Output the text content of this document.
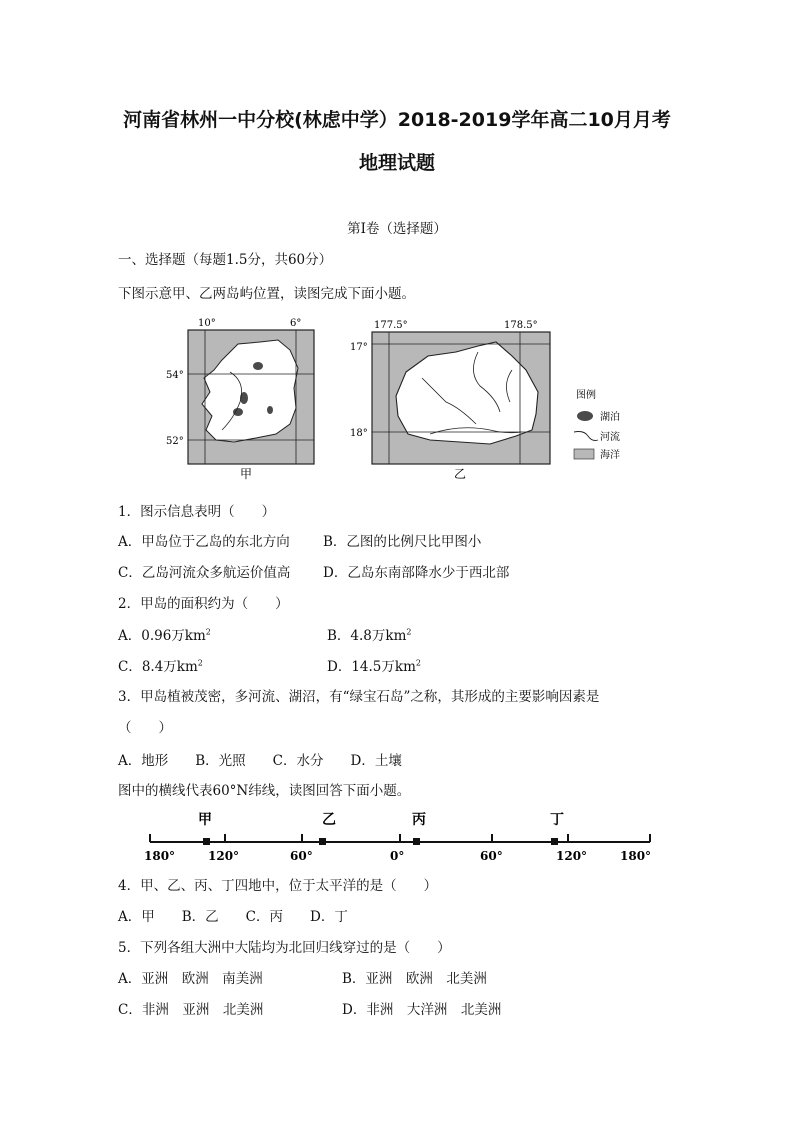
河南省林州一中分校(林虑中学）2018-2019学年高二10月月考
地理试题
第Ⅰ卷（选择题）
一、选择题（每题1.5分，共60分）
下图示意甲、乙两岛屿位置，读图完成下面小题。
10°	6°
54°
52°
甲
177.5°	178.5°
17°
18°
乙
图例
湖泊
河流
海洋
1．图示信息表明（　　）
A．甲岛位于乙岛的东北方向 B．乙图的比例尺比甲图小
C．乙岛河流众多航运价值高 D．乙岛东南部降水少于西北部
2．甲岛的面积约为（　　）
A．0.96万$km^2$	B．4.8万$km^2$
C．8.4万$km^2$	D．14.5万$km^2$
3．甲岛植被茂密，多河流、湖沼，有“绿宝石岛”之称，其形成的主要影响因素是
（　　）
A．地形　　B．光照　　C．水分　　D．土壤
图中的横线代表60°N纬线，读图回答下面小题。
甲	乙	丙	丁
180°	120°	60°	0°	60°	120°	180°
4．甲、乙、丙、丁四地中，位于太平洋的是（　　）
A．甲　　B．乙　　C．丙　　D．丁
5．下列各组大洲中大陆均为北回归线穿过的是（　　）
A．亚洲　欧洲　南美洲	B．亚洲　欧洲　北美洲
C．非洲　亚洲　北美洲	D．非洲　大洋洲　北美洲
